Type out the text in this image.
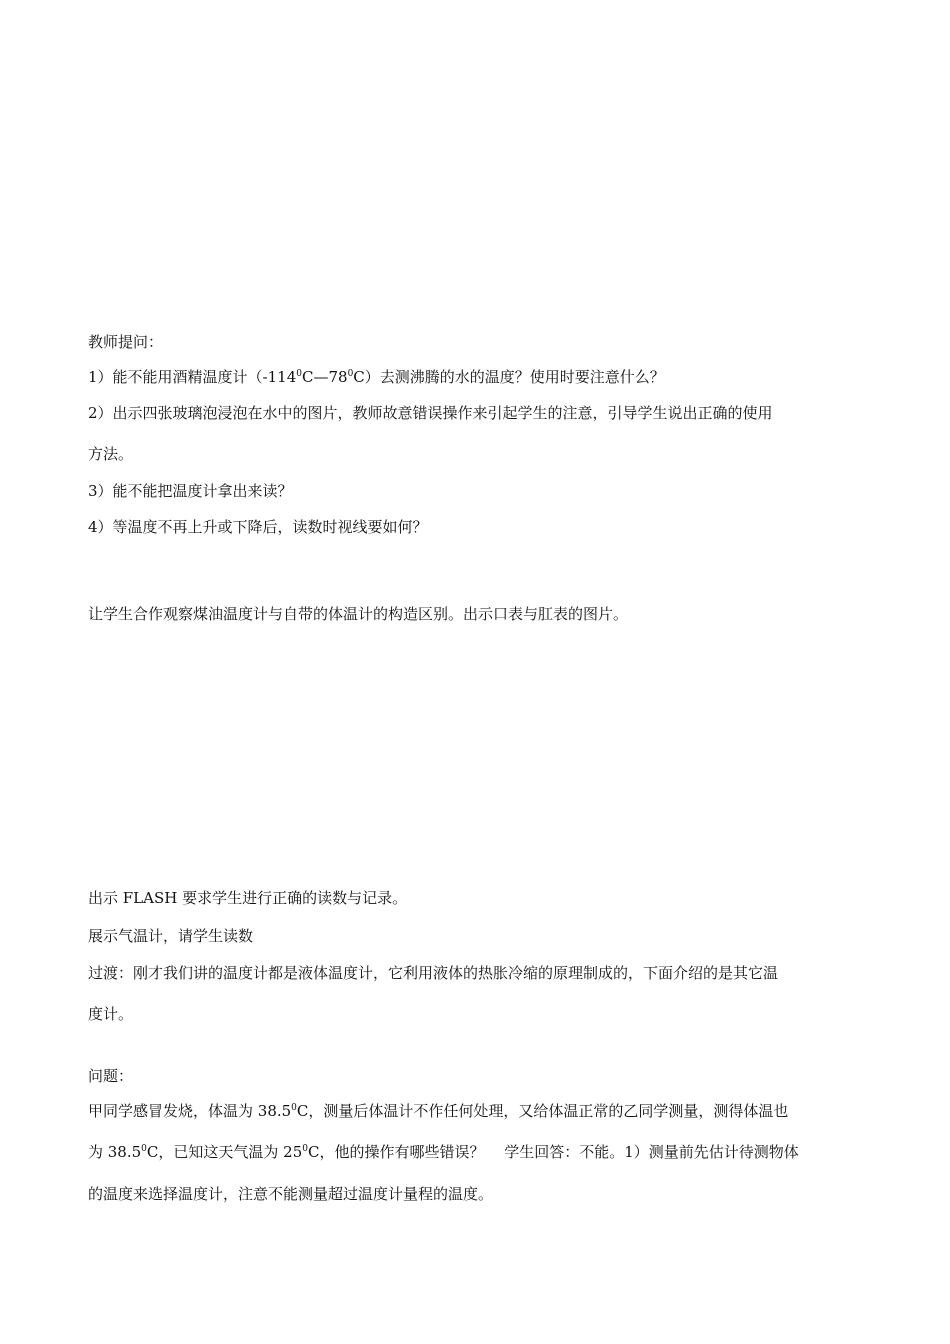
教师提问：
1）能不能用酒精温度计$(-114^0C—78^0C)$去测沸腾的水的温度？使用时要注意什么？
2）出示四张玻璃泡浸泡在水中的图片，教师故意错误操作来引起学生的注意，引导学生说出正确的使用
方法。
3）能不能把温度计拿出来读？
4）等温度不再上升或下降后，读数时视线要如何？
让学生合作观察煤油温度计与自带的体温计的构造区别。出示口表与肛表的图片。
出示 FLASH 要求学生进行正确的读数与记录。
展示气温计，请学生读数
过渡：刚才我们讲的温度计都是液体温度计，它利用液体的热胀冷缩的原理制成的，下面介绍的是其它温
度计。
问题：
甲同学感冒发烧，体温为 38.5$^0$C，测量后体温计不作任何处理，又给体温正常的乙同学测量，测得体温也
为 38.5$^0$C，已知这天气温为 $25^0C$，他的操作有哪些错误？　 学生回答：不能。1）测量前先估计待测物体
的温度来选择温度计，注意不能测量超过温度计量程的温度。
